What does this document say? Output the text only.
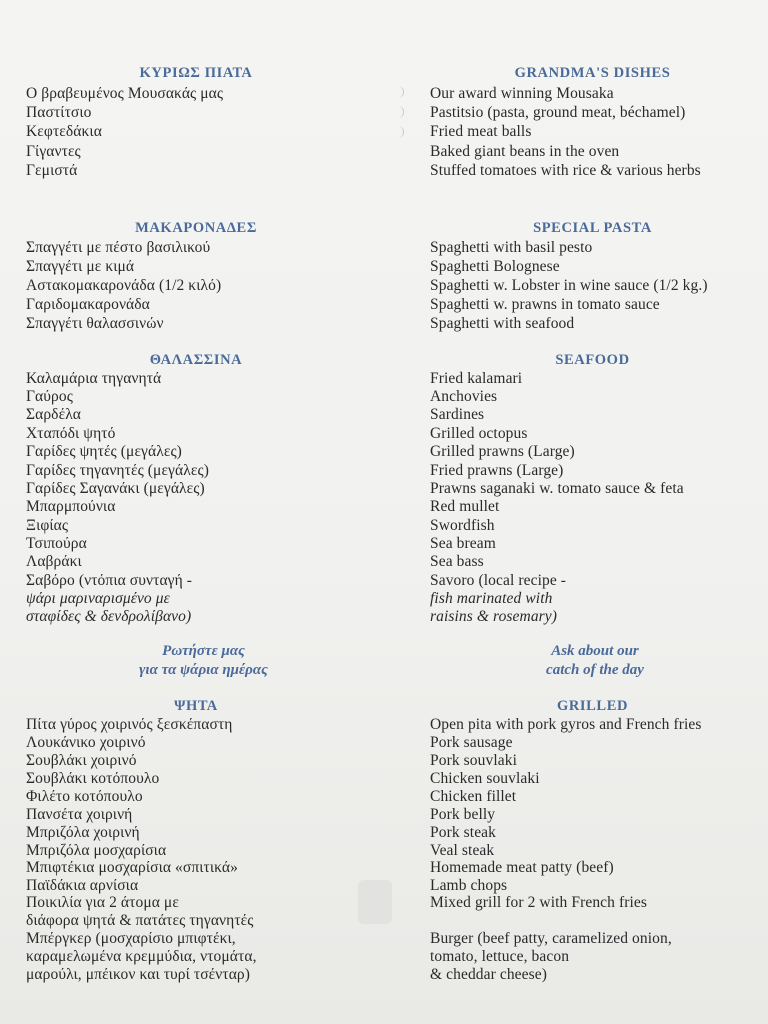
ΚΥΡΙΩΣ ΠΙΑΤΑ
Ο βραβευμένος Μουσακάς μας
Παστίτσιο
Κεφτεδάκια
Γίγαντες
Γεμιστά
ΜΑΚΑΡΟΝΑΔΕΣ
Σπαγγέτι με πέστο βασιλικού
Σπαγγέτι με κιμά
Αστακομακαρονάδα (1/2 κιλό)
Γαριδομακαρονάδα
Σπαγγέτι θαλασσινών
ΘΑΛΑΣΣΙΝΑ
Καλαμάρια τηγανητά
Γαύρος
Σαρδέλα
Χταπόδι ψητό
Γαρίδες ψητές (μεγάλες)
Γαρίδες τηγανητές (μεγάλες)
Γαρίδες Σαγανάκι (μεγάλες)
Μπαρμπούνια
Ξιφίας
Τσιπούρα
Λαβράκι
Σαβόρο (ντόπια συνταγή -
ψάρι μαριναρισμένο με
σταφίδες & δενδρολίβανο)
Ρωτήστε μας
για τα ψάρια ημέρας
ΨΗΤΑ
Πίτα γύρος χοιρινός ξεσκέπαστη
Λουκάνικο χοιρινό
Σουβλάκι χοιρινό
Σουβλάκι κοτόπουλο
Φιλέτο κοτόπουλο
Πανσέτα χοιρινή
Μπριζόλα χοιρινή
Μπριζόλα μοσχαρίσια
Μπιφτέκια μοσχαρίσια «σπιτικά»
Παϊδάκια αρνίσια
Ποικιλία για 2 άτομα με
διάφορα ψητά & πατάτες τηγανητές
Μπέργκερ (μοσχαρίσιο μπιφτέκι,
καραμελωμένα κρεμμύδια, ντομάτα,
μαρούλι, μπέικον και τυρί τσένταρ)
GRANDMA'S DISHES
Our award winning Mousaka
Pastitsio (pasta, ground meat, béchamel)
Fried meat balls
Baked giant beans in the oven
Stuffed tomatoes with rice & various herbs
SPECIAL PASTA
Spaghetti with basil pesto
Spaghetti Bolognese
Spaghetti w. Lobster in wine sauce (1/2 kg.)
Spaghetti w. prawns in tomato sauce
Spaghetti with seafood
SEAFOOD
Fried kalamari
Anchovies
Sardines
Grilled octopus
Grilled prawns (Large)
Fried prawns (Large)
Prawns saganaki w. tomato sauce & feta
Red mullet
Swordfish
Sea bream
Sea bass
Savoro (local recipe -
fish marinated with
raisins & rosemary)
Ask about our
catch of the day
GRILLED
Open pita with pork gyros and French fries
Pork sausage
Pork souvlaki
Chicken souvlaki
Chicken fillet
Pork belly
Pork steak
Veal steak
Homemade meat patty (beef)
Lamb chops
Mixed grill for 2 with French fries
Burger (beef patty, caramelized onion,
tomato, lettuce, bacon
& cheddar cheese)
